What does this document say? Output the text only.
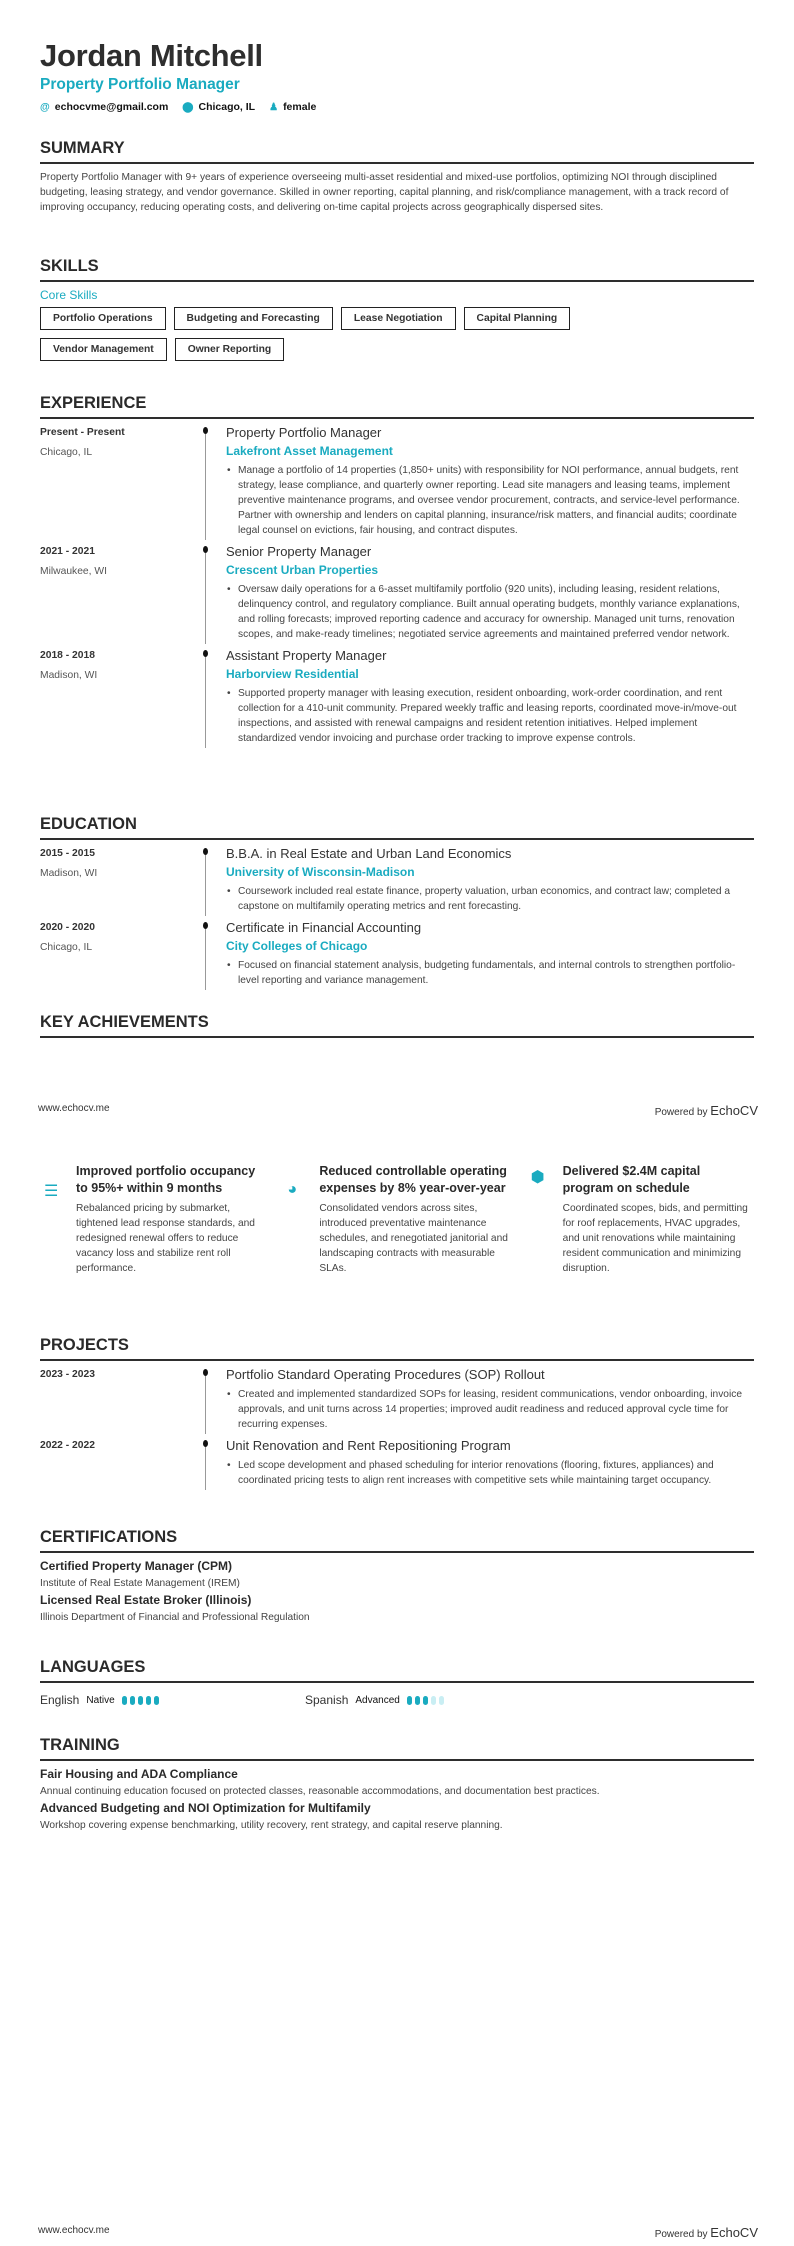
Jordan Mitchell
Property Portfolio Manager
@ echocvme@gmail.com ⬤ Chicago, IL ♟ female
SUMMARY
Property Portfolio Manager with 9+ years of experience overseeing multi-asset residential and mixed-use portfolios, optimizing NOI through disciplined budgeting, leasing strategy, and vendor governance. Skilled in owner reporting, capital planning, and risk/compliance management, with a track record of improving occupancy, reducing operating costs, and delivering on-time capital projects across geographically dispersed sites.
SKILLS
Core Skills
Portfolio Operations	Budgeting and Forecasting	Lease Negotiation	Capital Planning
Vendor Management	Owner Reporting
EXPERIENCE
Present - Present
Chicago, IL
Property Portfolio Manager
Lakefront Asset Management
• Manage a portfolio of 14 properties (1,850+ units) with responsibility for NOI performance, annual budgets, rent strategy, lease compliance, and quarterly owner reporting. Lead site managers and leasing teams, implement preventive maintenance programs, and oversee vendor procurement, contracts, and service-level performance. Partner with ownership and lenders on capital planning, insurance/risk matters, and financial audits; coordinate legal counsel on evictions, fair housing, and contract disputes.
2021 - 2021
Milwaukee, WI
Senior Property Manager
Crescent Urban Properties
• Oversaw daily operations for a 6-asset multifamily portfolio (920 units), including leasing, resident relations, delinquency control, and regulatory compliance. Built annual operating budgets, monthly variance explanations, and rolling forecasts; improved reporting cadence and accuracy for ownership. Managed unit turns, renovation scopes, and make-ready timelines; negotiated service agreements and maintained preferred vendor network.
2018 - 2018
Madison, WI
Assistant Property Manager
Harborview Residential
• Supported property manager with leasing execution, resident onboarding, work-order coordination, and rent collection for a 410-unit community. Prepared weekly traffic and leasing reports, coordinated move-in/move-out inspections, and assisted with renewal campaigns and resident retention initiatives. Helped implement standardized vendor invoicing and purchase order tracking to improve expense controls.
EDUCATION
2015 - 2015
Madison, WI
B.B.A. in Real Estate and Urban Land Economics
University of Wisconsin-Madison
• Coursework included real estate finance, property valuation, urban economics, and contract law; completed a capstone on multifamily operating metrics and rent forecasting.
2020 - 2020
Chicago, IL
Certificate in Financial Accounting
City Colleges of Chicago
• Focused on financial statement analysis, budgeting fundamentals, and internal controls to strengthen portfolio-level reporting and variance management.
KEY ACHIEVEMENTS
www.echocv.me	Powered by EchoCV
☰
Improved portfolio occupancy to 95%+ within 9 months
Rebalanced pricing by submarket, tightened lead response standards, and redesigned renewal offers to reduce vacancy loss and stabilize rent roll performance.
◕
Reduced controllable operating expenses by 8% year-over-year
Consolidated vendors across sites, introduced preventative maintenance schedules, and renegotiated janitorial and landscaping contracts with measurable SLAs.
⬢	Delivered $2.4M capital program on schedule
Coordinated scopes, bids, and permitting for roof replacements, HVAC upgrades, and unit renovations while maintaining resident communication and minimizing disruption.
PROJECTS
2023 - 2023	Portfolio Standard Operating Procedures (SOP) Rollout
• Created and implemented standardized SOPs for leasing, resident communications, vendor onboarding, invoice approvals, and unit turns across 14 properties; improved audit readiness and reduced approval cycle time for recurring expenses.
2022 - 2022	Unit Renovation and Rent Repositioning Program
• Led scope development and phased scheduling for interior renovations (flooring, fixtures, appliances) and coordinated pricing tests to align rent increases with competitive sets while maintaining target occupancy.
CERTIFICATIONS
Certified Property Manager (CPM)
Institute of Real Estate Management (IREM)
Licensed Real Estate Broker (Illinois)
Illinois Department of Financial and Professional Regulation
LANGUAGES
English Native	Spanish Advanced
TRAINING
Fair Housing and ADA Compliance
Annual continuing education focused on protected classes, reasonable accommodations, and documentation best practices.
Advanced Budgeting and NOI Optimization for Multifamily
Workshop covering expense benchmarking, utility recovery, rent strategy, and capital reserve planning.
www.echocv.me	Powered by EchoCV
